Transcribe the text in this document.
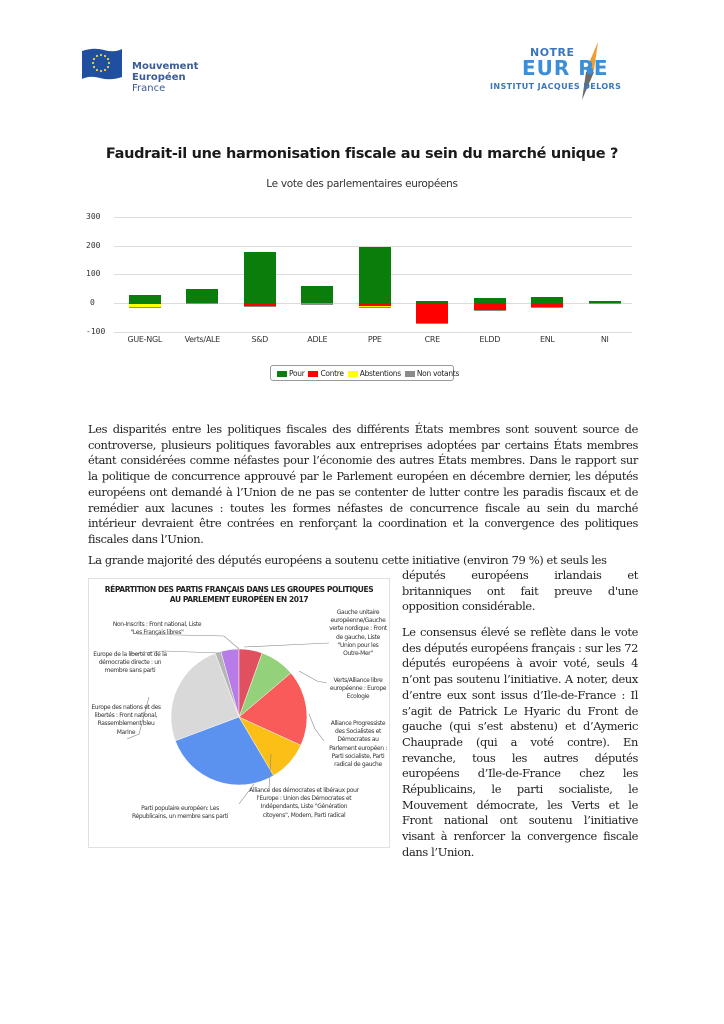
Mouvement
Européen
France
NOTRE
EUR PE
INSTITUT JACQUES DELORS
Faudrait-il une harmonisation fiscale au sein du marché unique ?
Le vote des parlementaires européens
300
200
100
0
-100
GUE-NGL	Verts/ALE	S&D	ADLE	PPE	CRE	ELDD	ENL	NI
Pour	Contre	Abstentions	Non votants
Les disparités entre les politiques fiscales des différents États membres sont souvent source de controverse, plusieurs politiques favorables aux entreprises adoptées par certains États membres étant considérées comme néfastes pour l’économie des autres États membres. Dans le rapport sur la politique de concurrence approuvé par le Parlement européen en décembre dernier, les députés européens ont demandé à l’Union de ne pas se contenter de lutter contre les paradis fiscaux et de remédier aux lacunes : toutes les formes néfastes de concurrence fiscale au sein du marché intérieur devraient être contrées en renforçant la coordination et la convergence des politiques fiscales dans l’Union.
La grande majorité des députés européens a soutenu cette initiative (environ 79 %) et seuls les
députés européens irlandais et britanniques ont fait preuve d'une opposition considérable.
Le consensus élevé se reflète dans le vote des députés européens français : sur les 72 députés européens à avoir voté, seuls 4 n’ont pas soutenu l’initiative. A noter, deux d’entre eux sont issus d’Ile-de-France : Il s’agit de Patrick Le Hyaric du Front de gauche (qui s’est abstenu) et d’Aymeric Chauprade (qui a voté contre). En revanche, tous les autres députés européens d’Ile-de-France chez les Républicains, le parti socialiste, le Mouvement démocrate, les Verts et le Front national ont soutenu l’initiative visant à renforcer la convergence fiscale dans l’Union.
RÉPARTITION DES PARTIS FRANÇAIS DANS LES GROUPES POLITIQUES
AU PARLEMENT EUROPÉEN EN 2017
Non-Inscrits : Front national, Liste "Les Français libres"
Europe de la liberté et de la démocratie directe : un membre sans parti
Europe des nations et des libertés : Front national, Rassemblement bleu Marine
Parti populaire européen: Les Républicains, un membre sans parti
Gauche unitaire européenne/Gauche verte nordique : Front de gauche, Liste "Union pour les Outre-Mer"
Verts/Alliance libre européenne : Europe Ecologie
Alliance Progressiste des Socialistes et Démocrates au Parlement européen : Parti socialiste, Parti radical de gauche
Alliance des démocrates et libéraux pour l'Europe : Union des Démocrates et Indépendants, Liste "Génération citoyens", Modem, Parti radical
